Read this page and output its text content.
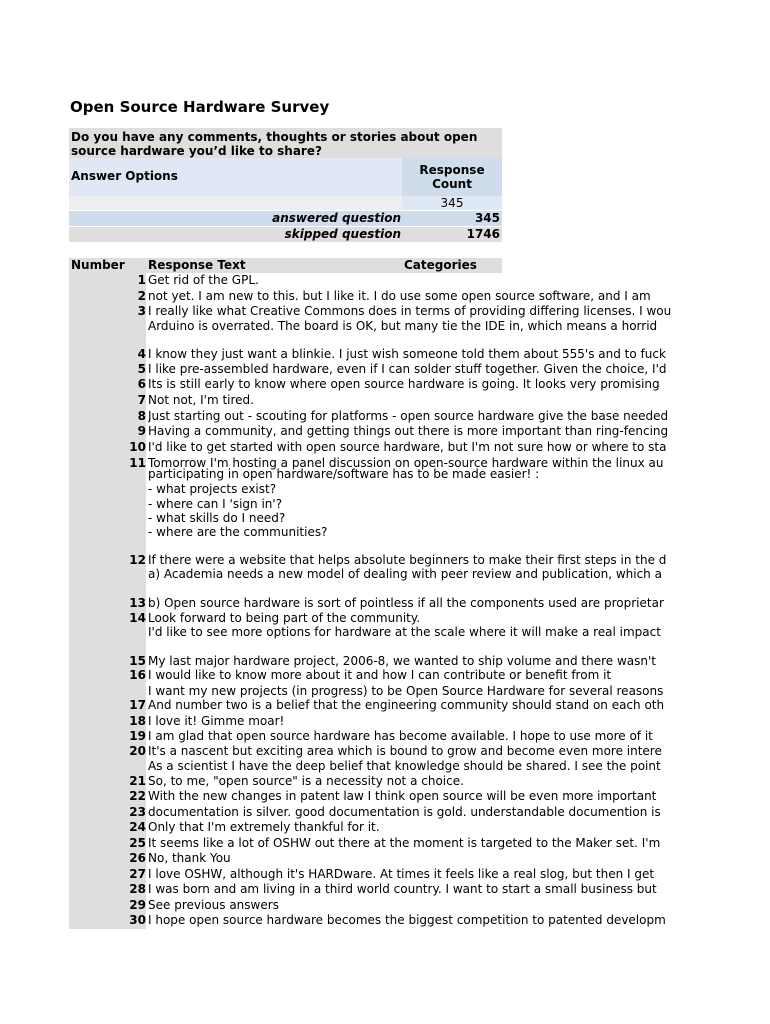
Open Source Hardware Survey
Do you have any comments, thoughts or stories about open source hardware you’d like to share?
Answer Options	Response Count
345
answered question	345
skipped question	1746
Number Response Text	Categories
1 Get rid of the GPL.
2 not yet. I am new to this. but I like it. I do use some open source software, and I am
3 I really like what Creative Commons does in terms of providing differing licenses. I wou
Arduino is overrated. The board is OK, but many tie the IDE in, which means a horrid
4 I know they just want a blinkie. I just wish someone told them about 555's and to fuck
5 I like pre-assembled hardware, even if I can solder stuff together. Given the choice, I'd
6 Its is still early to know where open source hardware is going. It looks very promising
7 Not not, I'm tired.
8 Just starting out - scouting for platforms - open source hardware give the base needed
9 Having a community, and getting things out there is more important than ring-fencing
10 I'd like to get started with open source hardware, but I'm not sure how or where to sta
11 Tomorrow I'm hosting a panel discussion on open-source hardware within the linux au
participating in open hardware/software has to be made easier! :
- what projects exist?
- where can I 'sign in'?
- what skills do I need?
- where are the communities?
12 If there were a website that helps absolute beginners to make their first steps in the d
a) Academia needs a new model of dealing with peer review and publication, which a
13 b) Open source hardware is sort of pointless if all the components used are proprietar
14 Look forward to being part of the community.
I'd like to see more options for hardware at the scale where it will make a real impact
15 My last major hardware project, 2006-8, we wanted to ship volume and there wasn't
16 I would like to know more about it and how I can contribute or benefit from it
I want my new projects (in progress) to be Open Source Hardware for several reasons
17 And number two is a belief that the engineering community should stand on each oth
18 I love it! Gimme moar!
19 I am glad that open source hardware has become available. I hope to use more of it
20 It's a nascent but exciting area which is bound to grow and become even more intere
As a scientist I have the deep belief that knowledge should be shared. I see the point
21 So, to me, "open source" is a necessity not a choice.
22 With the new changes in patent law I think open source will be even more important
23 documentation is silver. good documentation is gold. understandable documention is
24 Only that I'm extremely thankful for it.
25 It seems like a lot of OSHW out there at the moment is targeted to the Maker set. I'm
26 No, thank You
27 I love OSHW, although it's HARDware. At times it feels like a real slog, but then I get
28 I was born and am living in a third world country. I want to start a small business but
29 See previous answers
30 I hope open source hardware becomes the biggest competition to patented developm
